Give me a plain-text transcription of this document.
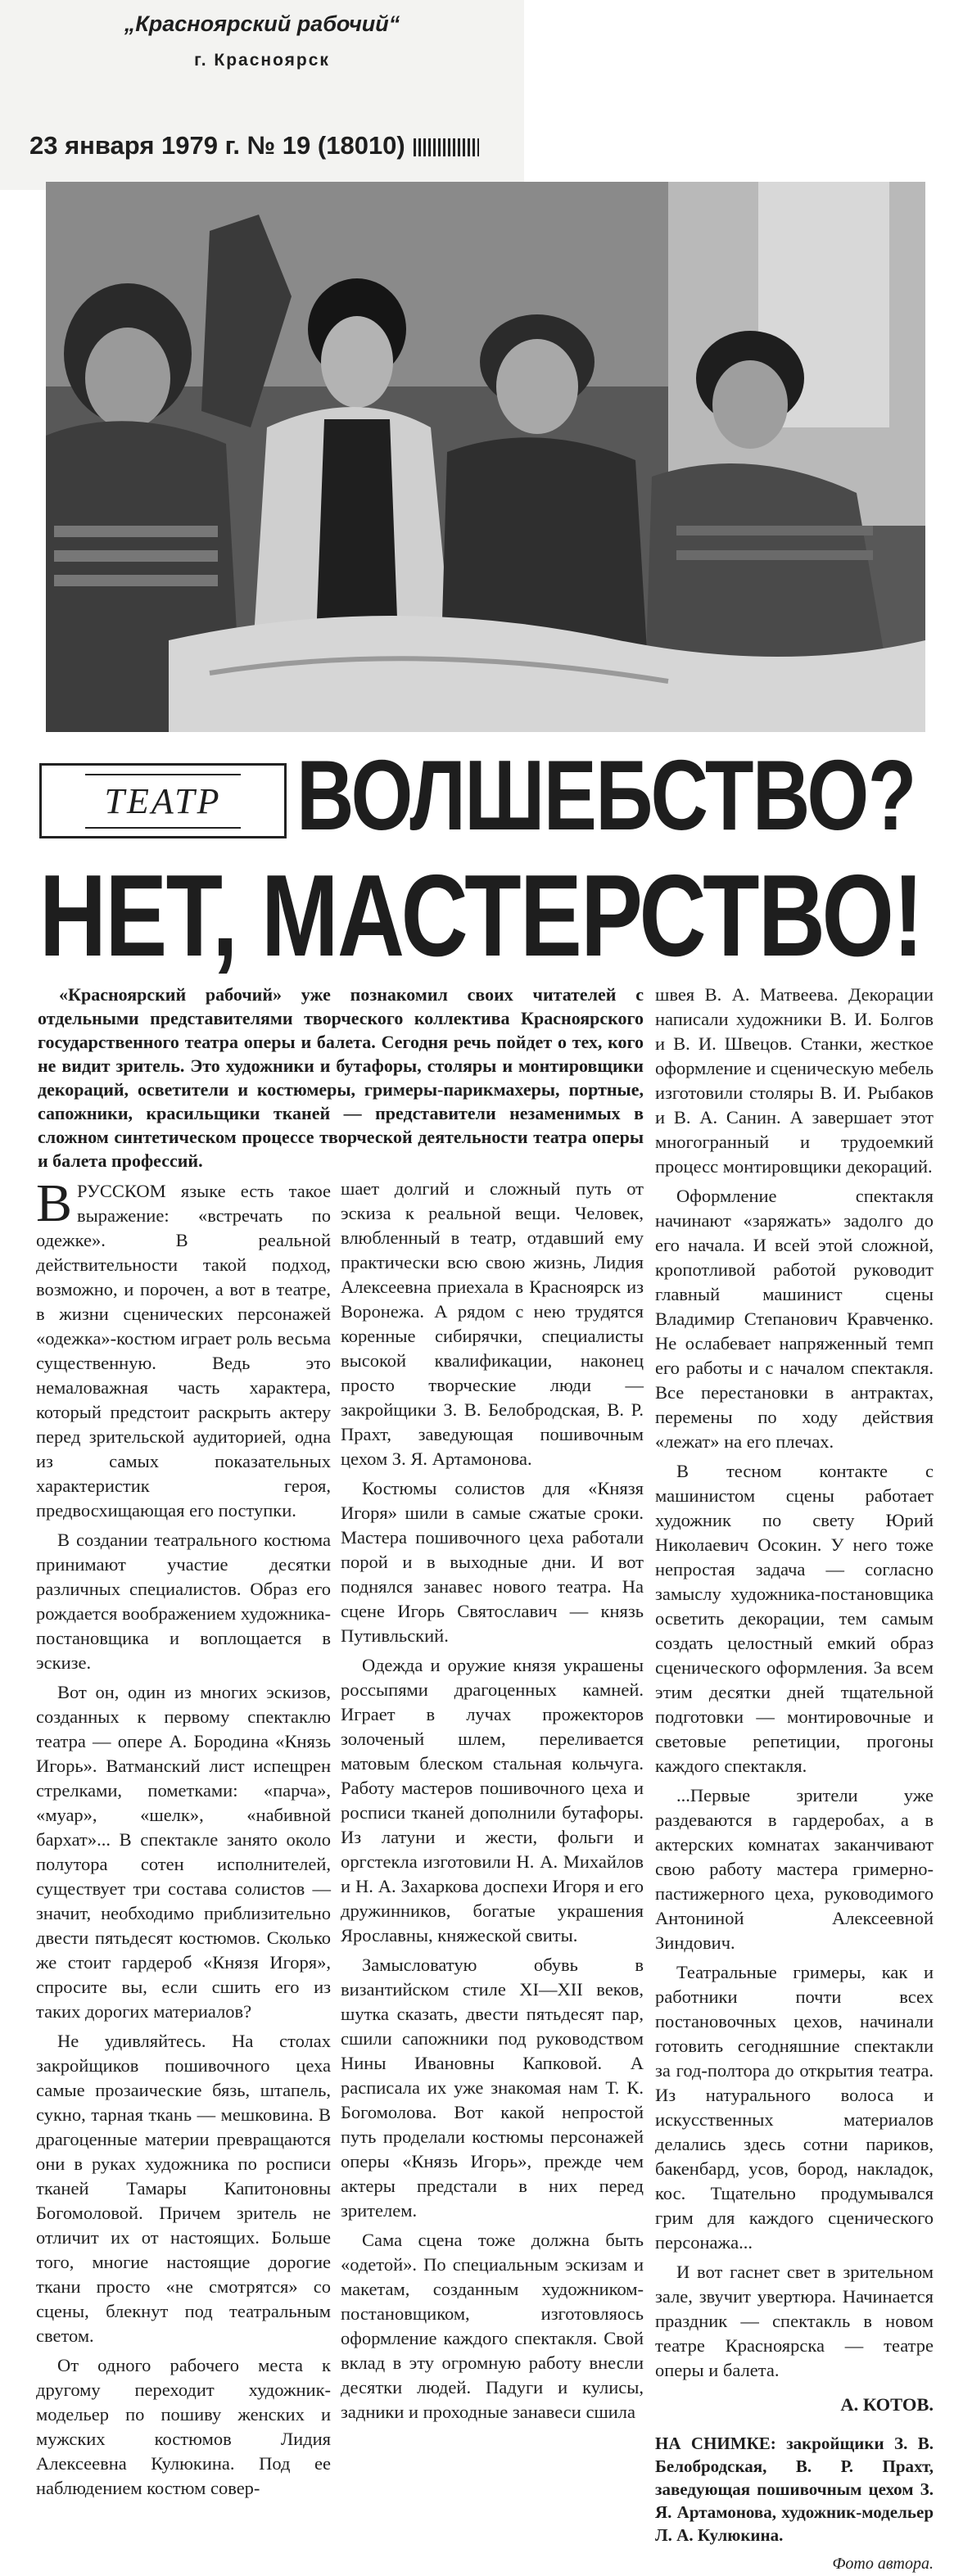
„Красноярский рабочий“
г. Красноярск
23 января 1979 г. № 19 (18010)
ТЕАТР ВОЛШЕБСТВО?
НЕТ, МАСТЕРСТВО!

«Красноярский рабочий» уже познакомил своих читателей с отдельными представителями творческого коллектива Красноярского государственного театра оперы и балета. Сегодня речь пойдет о тех, кого не видит зритель. Это художники и бутафоры, столяры и монтировщики декораций, осветители и костюмеры, гримеры-парикмахеры, портные, сапожники, красильщики тканей — представители незаменимых в сложном синтетическом процессе творческой деятельности театра оперы и балета профессий.

ВРУССКОМ языке есть такое выражение: «встречать по одежке». В реальной действительности такой подход, возможно, и порочен, а вот в театре, в жизни сценических персонажей «одежка»-костюм играет роль весьма существенную. Ведь это немаловажная часть характера, который предстоит раскрыть актеру перед зрительской аудиторией, одна из самых показательных характеристик героя, предвосхищающая его поступки.

В создании театрального костюма принимают участие десятки различных специалистов. Образ его рождается воображением художника-постановщика и воплощается в эскизе.

Вот он, один из многих эскизов, созданных к первому спектаклю театра — опере А. Бородина «Князь Игорь». Ватманский лист испещрен стрелками, пометками: «парча», «муар», «шелк», «набивной бархат»... В спектакле занято около полутора сотен исполнителей, существует три состава солистов — значит, необходимо приблизительно двести пятьдесят костюмов. Сколько же стоит гардероб «Князя Игоря», спросите вы, если сшить его из таких дорогих материалов?

Не удивляйтесь. На столах закройщиков пошивочного цеха самые прозаические бязь, штапель, сукно, тарная ткань — мешковина. В драгоценные материи превращаются они в руках художника по росписи тканей Тамары Капитоновны Богомоловой. Причем зритель не отличит их от настоящих. Больше того, многие настоящие дорогие ткани просто «не смотрятся» со сцены, блекнут под театральным светом.

От одного рабочего места к другому переходит художник-модельер по пошиву женских и мужских костюмов Лидия Алексеевна Кулюкина. Под ее наблюдением костюм совер-

шает долгий и сложный путь от эскиза к реальной вещи. Человек, влюбленный в театр, отдавший ему практически всю свою жизнь, Лидия Алексеевна приехала в Красноярск из Воронежа. А рядом с нею трудятся коренные сибирячки, специалисты высокой квалификации, наконец просто творческие люди — закройщики З. В. Белобродская, В. Р. Прахт, заведующая пошивочным цехом З. Я. Артамонова.

Костюмы солистов для «Князя Игоря» шили в самые сжатые сроки. Мастера пошивочного цеха работали порой и в выходные дни. И вот поднялся занавес нового театра. На сцене Игорь Святославич — князь Путивльский.

Одежда и оружие князя украшены россыпями драгоценных камней. Играет в лучах прожекторов золоченый шлем, переливается матовым блеском стальная кольчуга. Работу мастеров пошивочного цеха и росписи тканей дополнили бутафоры. Из латуни и жести, фольги и оргстекла изготовили Н. А. Михайлов и Н. А. Захаркова доспехи Игоря и его дружинников, богатые украшения Ярославны, княжеской свиты.

Замысловатую обувь в византийском стиле XI—XII веков, шутка сказать, двести пятьдесят пар, сшили сапожники под руководством Нины Ивановны Капковой. А расписала их уже знакомая нам Т. К. Богомолова. Вот какой непростой путь проделали костюмы персонажей оперы «Князь Игорь», прежде чем актеры предстали в них перед зрителем.

Сама сцена тоже должна быть «одетой». По специальным эскизам и макетам, созданным художником-постановщиком, изготовляось оформление каждого спектакля. Свой вклад в эту огромную работу внесли десятки людей. Падуги и кулисы, задники и проходные занавеси сшила

швея В. А. Матвеева. Декорации написали художники В. И. Болгов и В. И. Швецов. Станки, жесткое оформление и сценическую мебель изготовили столяры В. И. Рыбаков и В. А. Санин. А завершает этот многогранный и трудоемкий процесс монтировщики декораций.

Оформление спектакля начинают «заряжать» задолго до его начала. И всей этой сложной, кропотливой работой руководит главный машинист сцены Владимир Степанович Кравченко. Не ослабевает напряженный темп его работы и с началом спектакля. Все перестановки в антрактах, перемены по ходу действия «лежат» на его плечах.

В тесном контакте с машинистом сцены работает художник по свету Юрий Николаевич Осокин. У него тоже непростая задача — согласно замыслу художника-постановщика осветить декорации, тем самым создать целостный емкий образ сценического оформления. За всем этим десятки дней тщательной подготовки — монтировочные и световые репетиции, прогоны каждого спектакля.

...Первые зрители уже раздеваются в гардеробах, а в актерских комнатах заканчивают свою работу мастера гримерно-пастижерного цеха, руководимого Антониной Алексеевной Зиндович.

Театральные гримеры, как и работники почти всех постановочных цехов, начинали готовить сегодняшние спектакли за год-полтора до открытия театра. Из натурального волоса и искусственных материалов делались здесь сотни париков, бакенбард, усов, бород, накладок, кос. Тщательно продумывался грим для каждого сценического персонажа...

И вот гаснет свет в зрительном зале, звучит увертюра. Начинается праздник — спектакль в новом театре Красноярска — театре оперы и балета.

А. КОТОВ.

НА СНИМКЕ: закройщики З. В. Белобродская, В. Р. Прахт, заведующая пошивочным цехом З. Я. Артамонова, художник-модельер Л. А. Кулюкина.

Фото автора.
